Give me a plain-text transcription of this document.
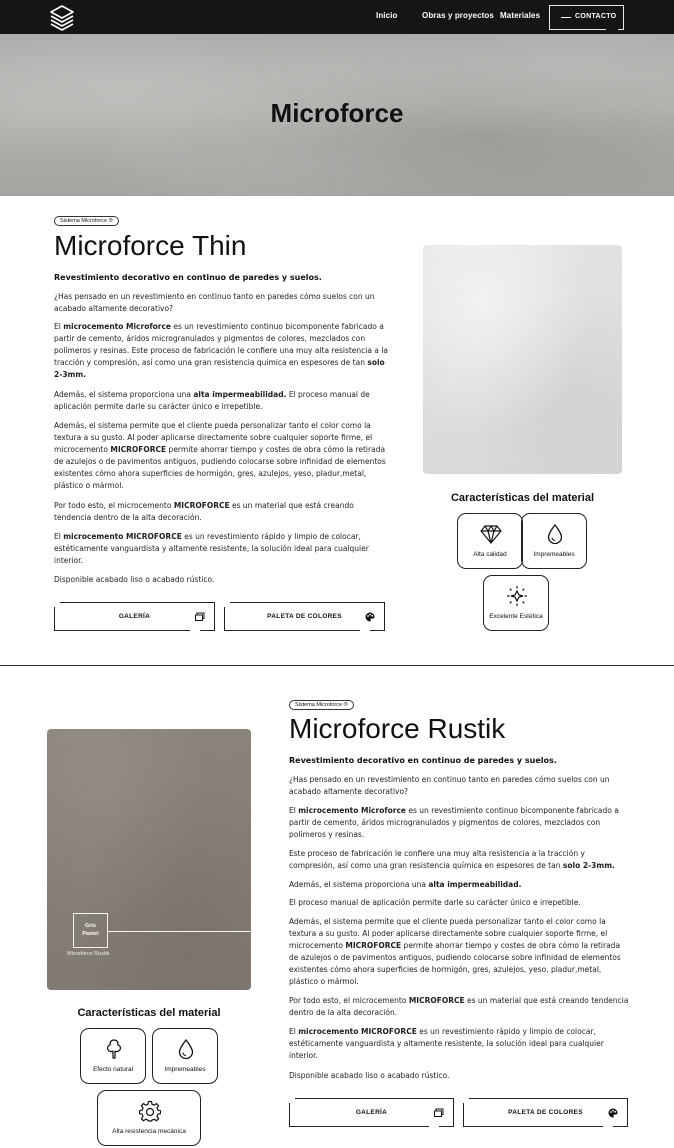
Inicio	Obras y proyectos Materiales	CONTACTO
Microforce
Sistema Microforce ®
Microforce Thin
Revestimiento decorativo en continuo de paredes y suelos.
¿Has pensado en un revestimiento en continuo tanto en paredes cómo suelos con un acabado altamente decorativo?
El microcemento Microforce es un revestimiento continuo bicomponente fabricado a partir de cemento, áridos microgranulados y pigmentos de colores, mezclados con polímeros y resinas. Este proceso de fabricación le confiere una muy alta resistencia a la tracción y compresión, así como una gran resistencia química en espesores de tan solo 2-3mm.
Además, el sistema proporciona una alta impermeabilidad. El proceso manual de aplicación permite darle su carácter único e irrepetible.
Además, el sistema permite que el cliente pueda personalizar tanto el color como la textura a su gusto. Al poder aplicarse directamente sobre cualquier soporte firme, el microcemento MICROFORCE permite ahorrar tiempo y costes de obra cómo la retirada de azulejos o de pavimentos antiguos, pudiendo colocarse sobre infinidad de elementos existentes cómo ahora superficies de hormigón, gres, azulejos, yeso, pladur,metal, plástico o mármol.
Por todo esto, el microcemento MICROFORCE es un material que está creando tendencia dentro de la alta decoración.
El microcemento MICROFORCE es un revestimiento rápido y limpio de colocar, estéticamente vanguardista y altamente resistente, la solución ideal para cualquier interior.
Disponible acabado liso o acabado rústico.
GALERÍA	PALETA DE COLORES
Características del material
Alta calidad	Impremeables
Excelente Estética
Gris
Pastel
Microforce Rustik
Características del material
Efecto natural	Impremeables
Alta resistencia mecánica
Sistema Microforce ®
Microforce Rustik
Revestimiento decorativo en continuo de paredes y suelos.
¿Has pensado en un revestimiento en continuo tanto en paredes cómo suelos con un acabado altamente decorativo?
El microcemento Microforce es un revestimiento continuo bicomponente fabricado a partir de cemento, áridos microgranulados y pigmentos de colores, mezclados con polímeros y resinas.
Este proceso de fabricación le confiere una muy alta resistencia a la tracción y compresión, así como una gran resistencia química en espesores de tan solo 2-3mm.
Además, el sistema proporciona una alta impermeabilidad.
El proceso manual de aplicación permite darle su carácter único e irrepetible.
Además, el sistema permite que el cliente pueda personalizar tanto el color como la textura a su gusto. Al poder aplicarse directamente sobre cualquier soporte firme, el microcemento MICROFORCE permite ahorrar tiempo y costes de obra cómo la retirada de azulejos o de pavimentos antiguos, pudiendo colocarse sobre infinidad de elementos existentes cómo ahora superficies de hormigón, gres, azulejos, yeso, pladur,metal, plástico o mármol.
Por todo esto, el microcemento MICROFORCE es un material que está creando tendencia dentro de la alta decoración.
El microcemento MICROFORCE es un revestimiento rápido y limpio de colocar, estéticamente vanguardista y altamente resistente, la solución ideal para cualquier interior.
Disponible acabado liso o acabado rústico.
GALERÍA	PALETA DE COLORES
